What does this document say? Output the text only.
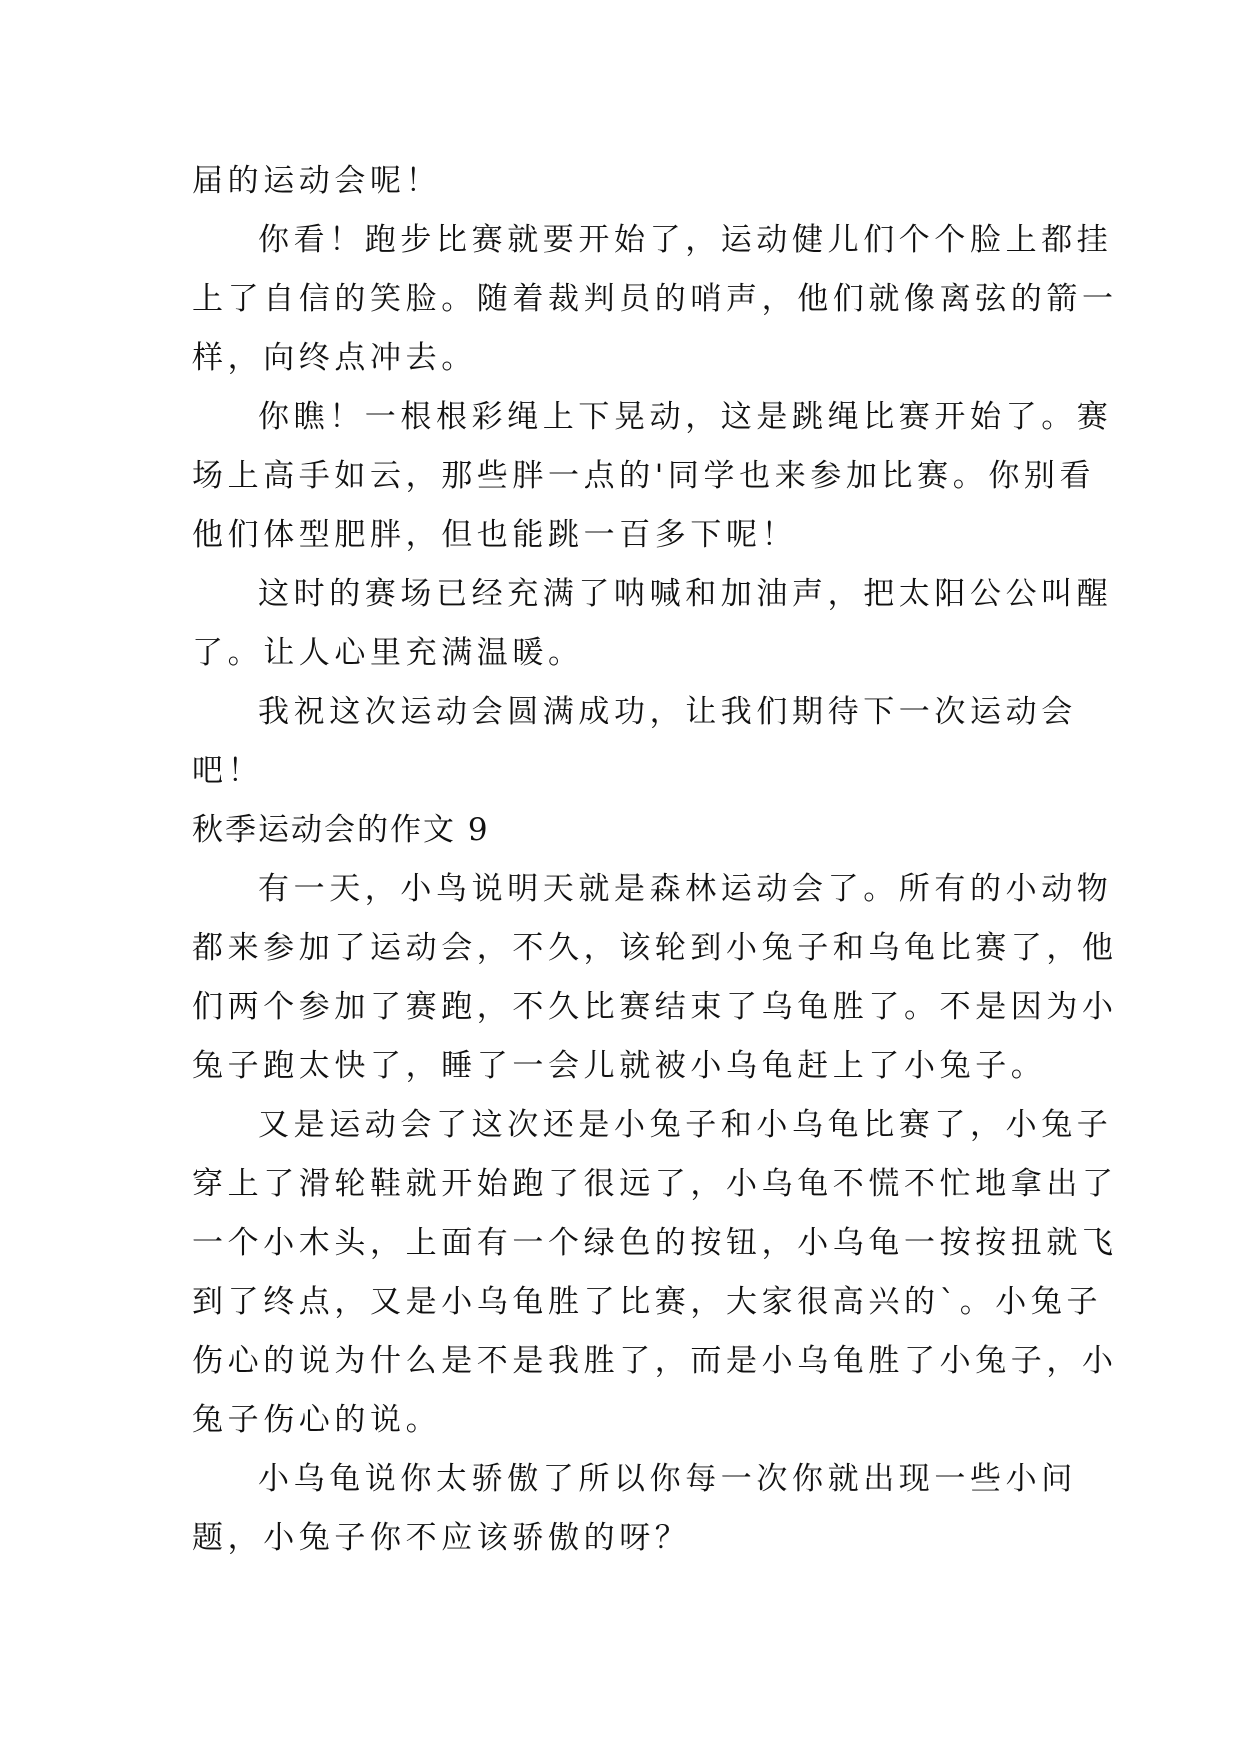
届的运动会呢！
你看！跑步比赛就要开始了，运动健儿们个个脸上都挂
上了自信的笑脸。随着裁判员的哨声，他们就像离弦的箭一
样，向终点冲去。
你瞧！一根根彩绳上下晃动，这是跳绳比赛开始了。赛
场上高手如云，那些胖一点的'同学也来参加比赛。你别看
他们体型肥胖，但也能跳一百多下呢！
这时的赛场已经充满了呐喊和加油声，把太阳公公叫醒
了。让人心里充满温暖。
我祝这次运动会圆满成功，让我们期待下一次运动会
吧！
秋季运动会的作文 9
有一天，小鸟说明天就是森林运动会了。所有的小动物
都来参加了运动会，不久，该轮到小兔子和乌龟比赛了，他
们两个参加了赛跑，不久比赛结束了乌龟胜了。不是因为小
兔子跑太快了，睡了一会儿就被小乌龟赶上了小兔子。
又是运动会了这次还是小兔子和小乌龟比赛了，小兔子
穿上了滑轮鞋就开始跑了很远了，小乌龟不慌不忙地拿出了
一个小木头，上面有一个绿色的按钮，小乌龟一按按扭就飞
到了终点，又是小乌龟胜了比赛，大家很高兴的`。小兔子
伤心的说为什么是不是我胜了，而是小乌龟胜了小兔子，小
兔子伤心的说。
小乌龟说你太骄傲了所以你每一次你就出现一些小问
题，小兔子你不应该骄傲的呀？
